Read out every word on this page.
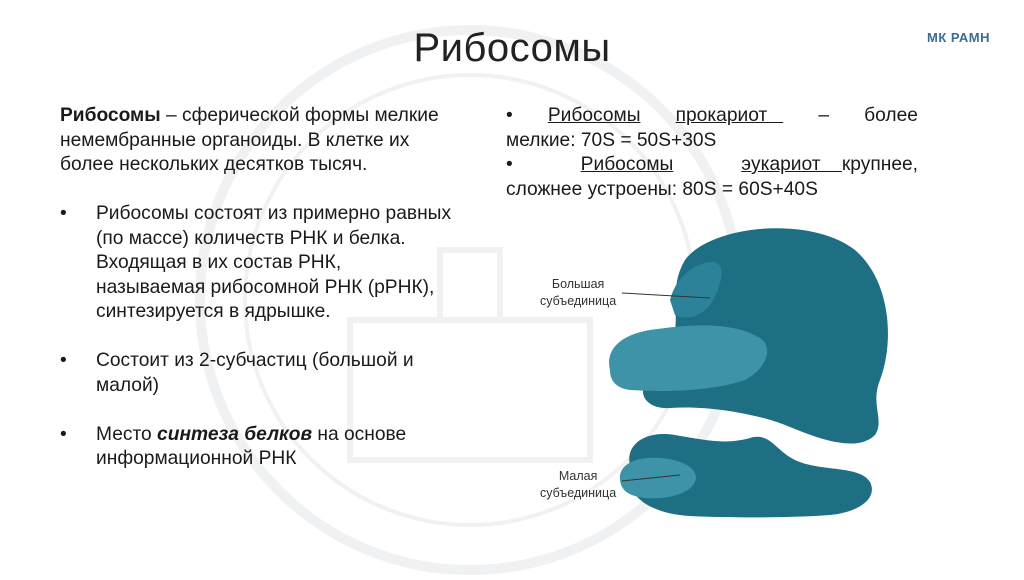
Рибосомы	МК РАМН

Рибосомы – сферической формы мелкие немембранные органоиды. В клетке их более нескольких десятков тысяч.

•	Рибосомы состоят из примерно равных (по массе) количеств РНК и белка. Входящая в их состав РНК, называемая рибосомной РНК (рРНК), синтезируется в ядрышке.
•	Состоит из 2-субчастиц (большой и малой)
•	Место синтеза белков на основе информационной РНК
• Рибосомы прокариот – более
мелкие: 70S = 50S+30S
•	Рибосомы	эукариот    крупнее,
сложнее устроены: 80S = 60S+40S
Большая
субъединица
Малая
субъединица
